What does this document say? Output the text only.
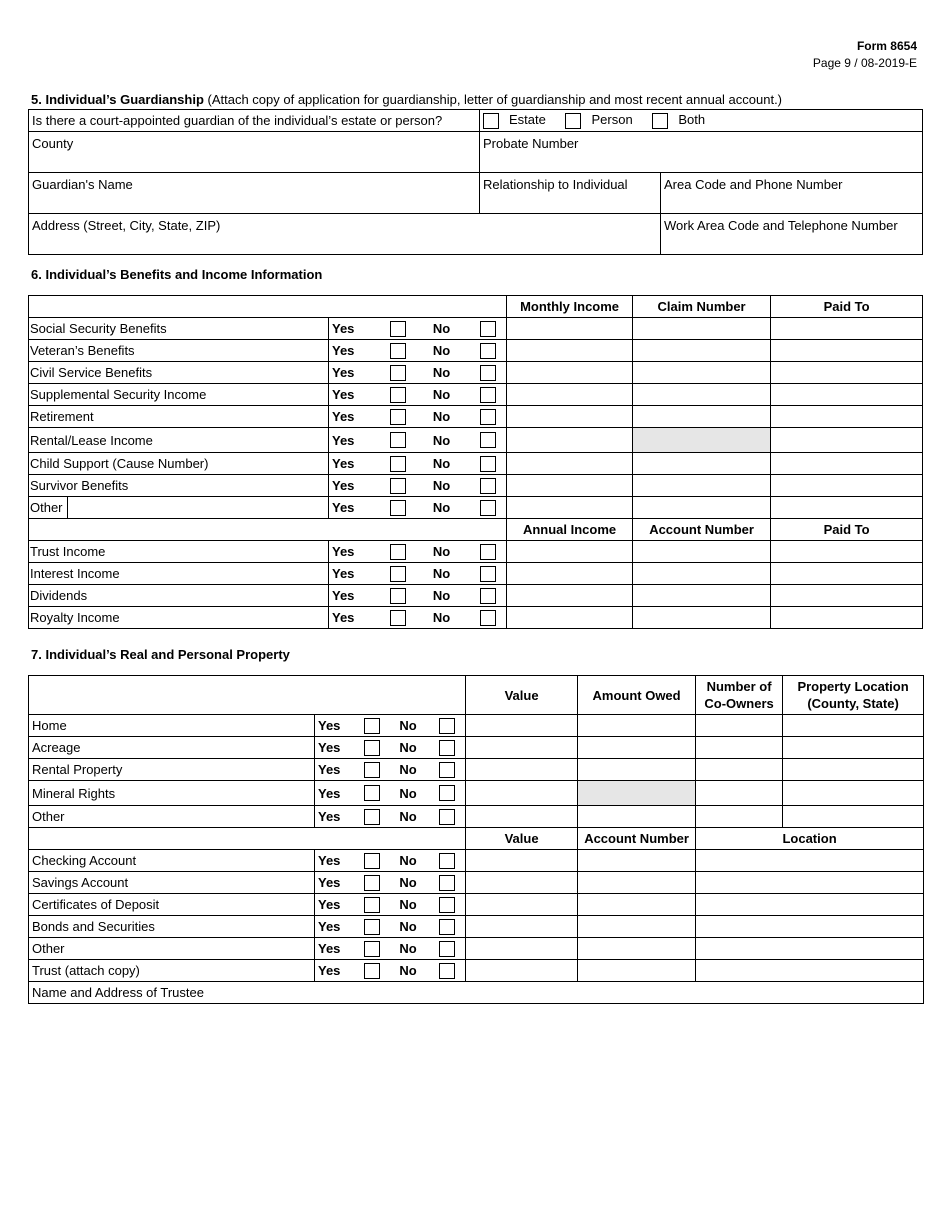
Form 8654
Page 9 / 08-2019-E
5. Individual’s Guardianship (Attach copy of application for guardianship, letter of guardianship and most recent annual account.)
Is there a court-appointed guardian of the individual’s estate or person?	Estate Person Both	
County	Probate Number	
Guardian's Name	Relationship to Individual	Area Code and Phone Number
Address (Street, City, State, ZIP)		Work Area Code and Telephone Number
6. Individual’s Benefits and Income Information
						Monthly Income	Claim Number	Paid To
Social Security Benefits	Yes		No					
Veteran’s Benefits	Yes		No					
Civil Service Benefits	Yes		No					
Supplemental Security Income	Yes		No					
Retirement	Yes		No					
Rental/Lease Income	Yes		No					
Child Support (Cause Number)	Yes		No					
Survivor Benefits	Yes		No					
Other	Yes		No					
						Annual Income	Account Number	Paid To
Trust Income	Yes		No					
Interest Income	Yes		No					
Dividends	Yes		No					
Royalty Income	Yes		No					
7. Individual’s Real and Personal Property
						Value	Amount Owed	Number of Co-Owners	Property Location (County, State)
Home	Yes		No						
Acreage	Yes		No						
Rental Property	Yes		No						
Mineral Rights	Yes		No						
Other	Yes		No						
						Value	Account Number	Location	
Checking Account	Yes		No						
Savings Account	Yes		No						
Certificates of Deposit	Yes		No						
Bonds and Securities	Yes		No						
Other	Yes		No						
Trust (attach copy)	Yes		No						
Name and Address of Trustee									
